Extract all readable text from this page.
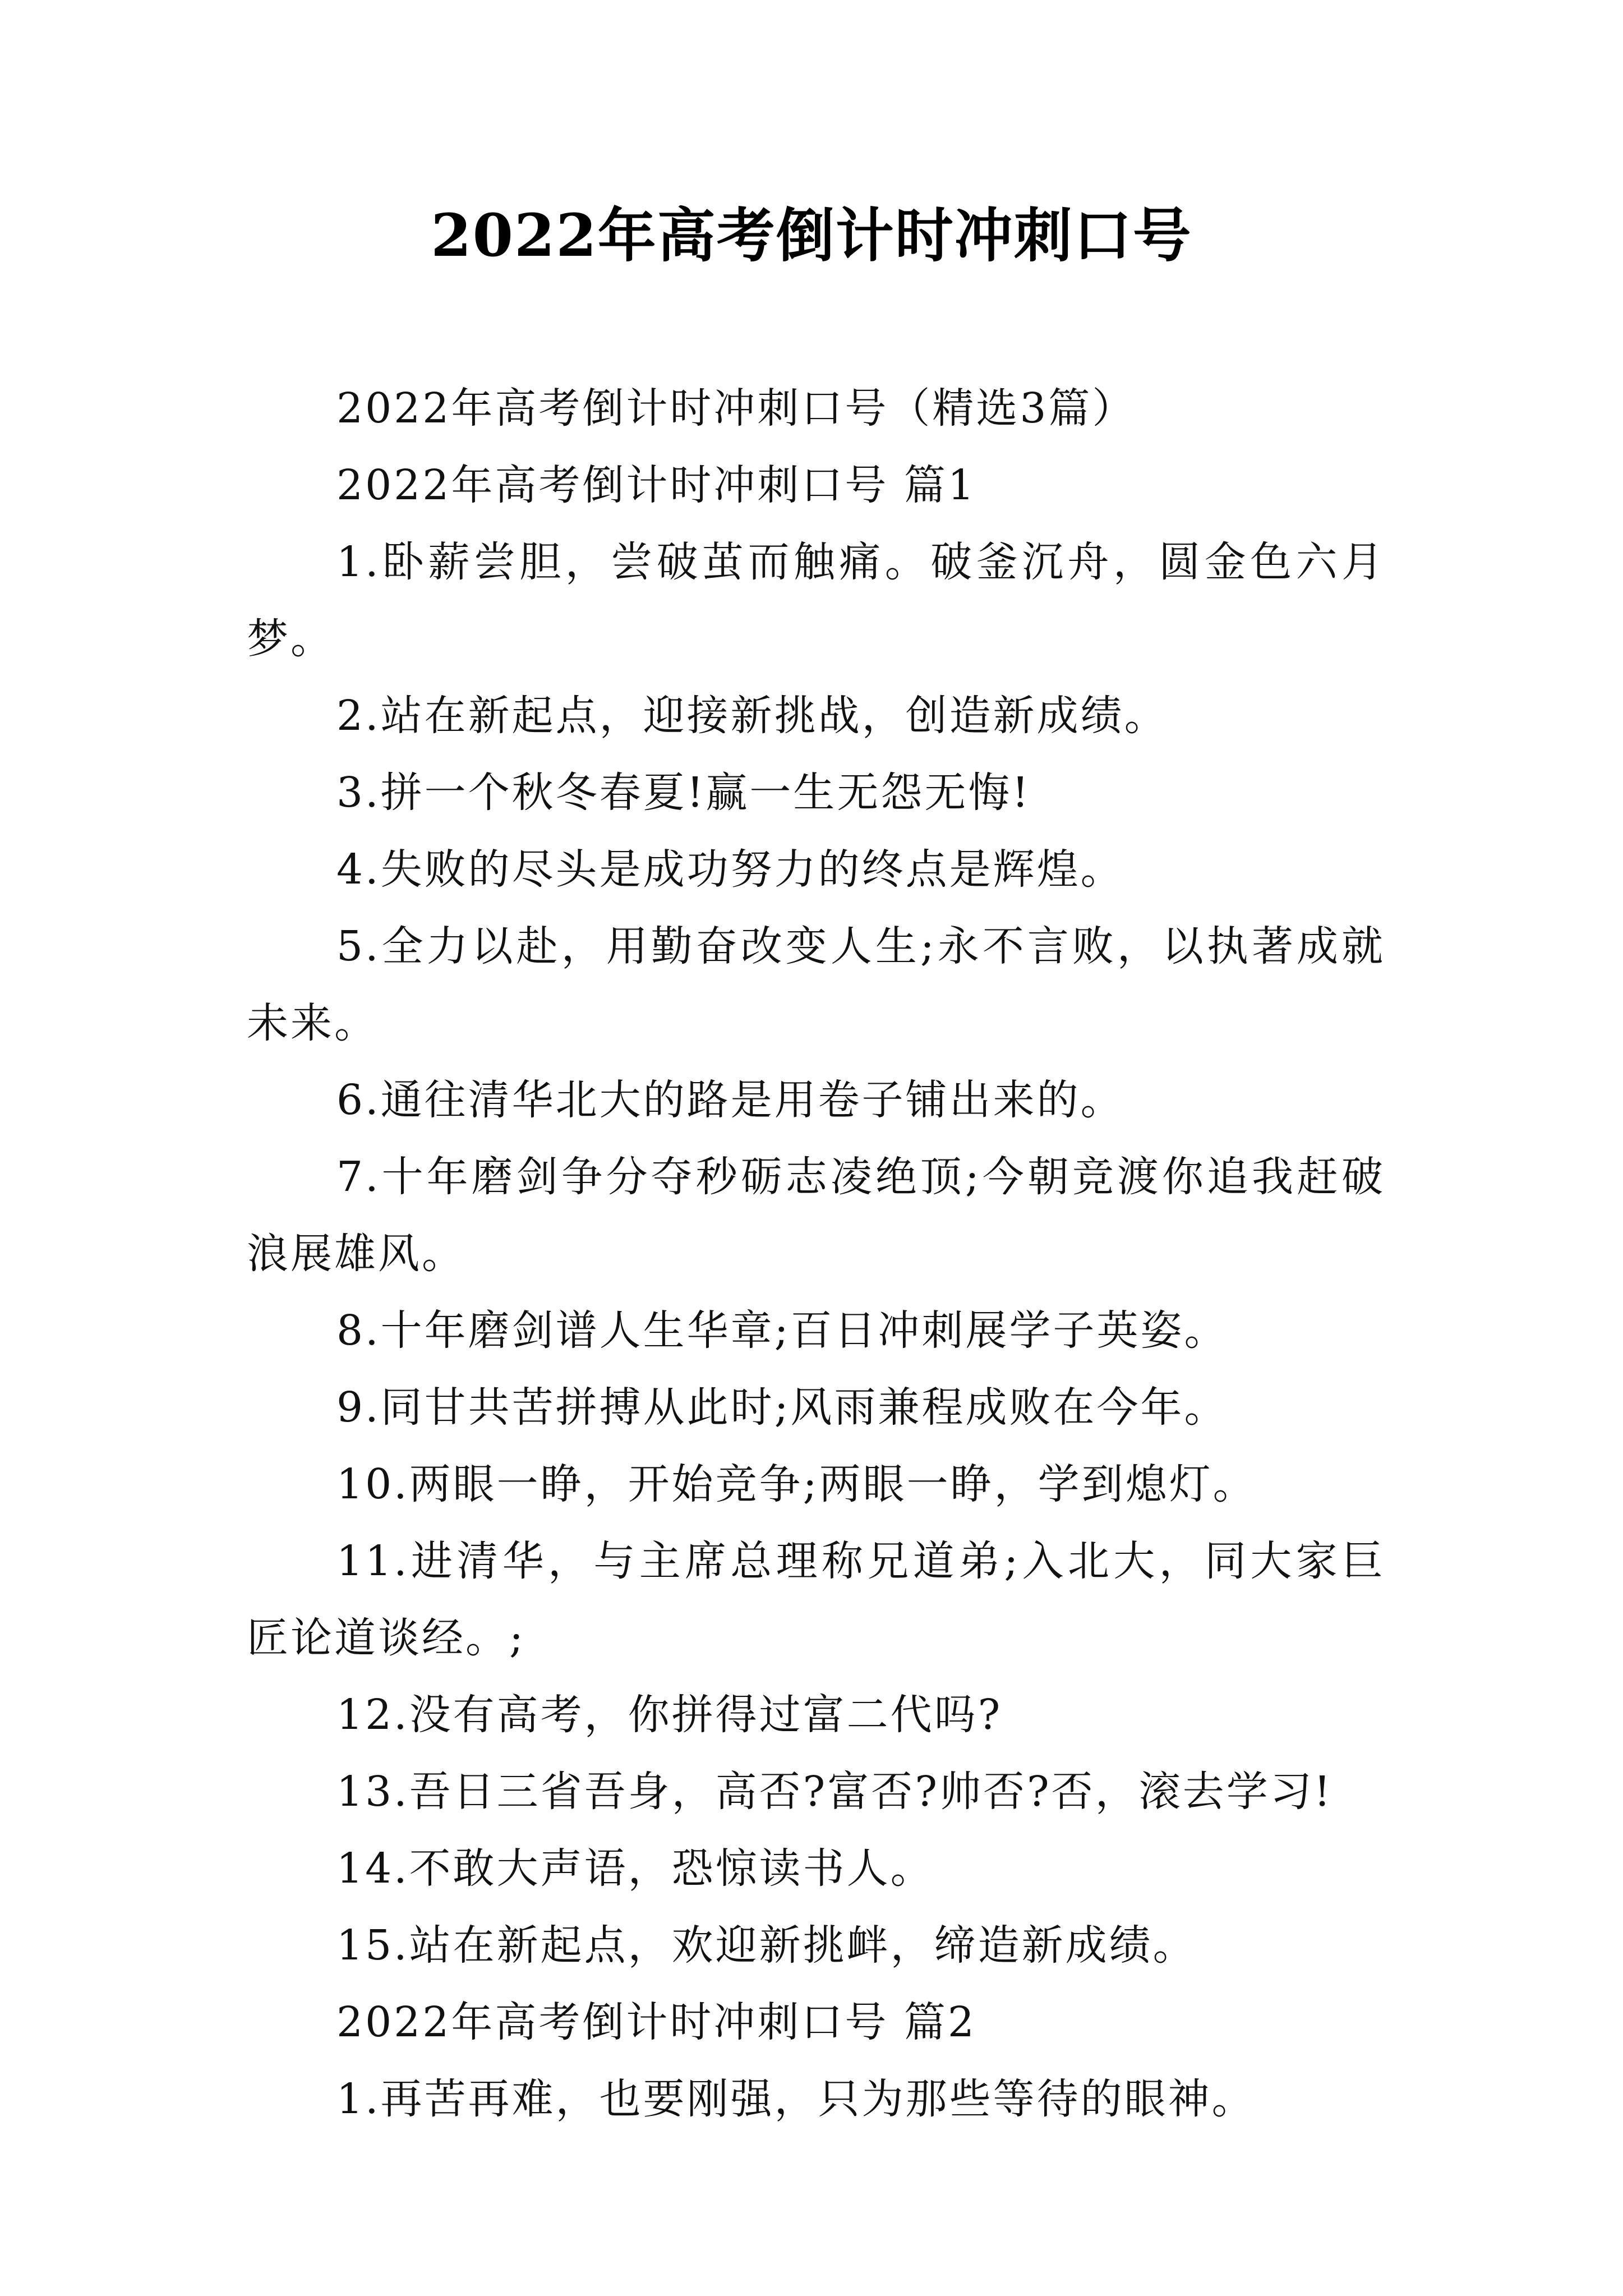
2022年高考倒计时冲刺口号

2022年高考倒计时冲刺口号（精选3篇）

2022年高考倒计时冲刺口号 篇1

1.卧薪尝胆，尝破茧而触痛。破釜沉舟，圆金色六月梦。

2.站在新起点，迎接新挑战，创造新成绩。

3.拼一个秋冬春夏!赢一生无怨无悔!

4.失败的尽头是成功努力的终点是辉煌。

5.全力以赴，用勤奋改变人生;永不言败，以执著成就未来。

6.通往清华北大的路是用卷子铺出来的。

7.十年磨剑争分夺秒砺志凌绝顶;今朝竞渡你追我赶破浪展雄风。

8.十年磨剑谱人生华章;百日冲刺展学子英姿。

9.同甘共苦拼搏从此时;风雨兼程成败在今年。

10.两眼一睁，开始竞争;两眼一睁，学到熄灯。

11.进清华，与主席总理称兄道弟;入北大，同大家巨匠论道谈经。;

12.没有高考，你拼得过富二代吗?

13.吾日三省吾身，高否?富否?帅否?否，滚去学习!

14.不敢大声语，恐惊读书人。

15.站在新起点，欢迎新挑衅，缔造新成绩。

2022年高考倒计时冲刺口号 篇2

1.再苦再难，也要刚强，只为那些等待的眼神。
